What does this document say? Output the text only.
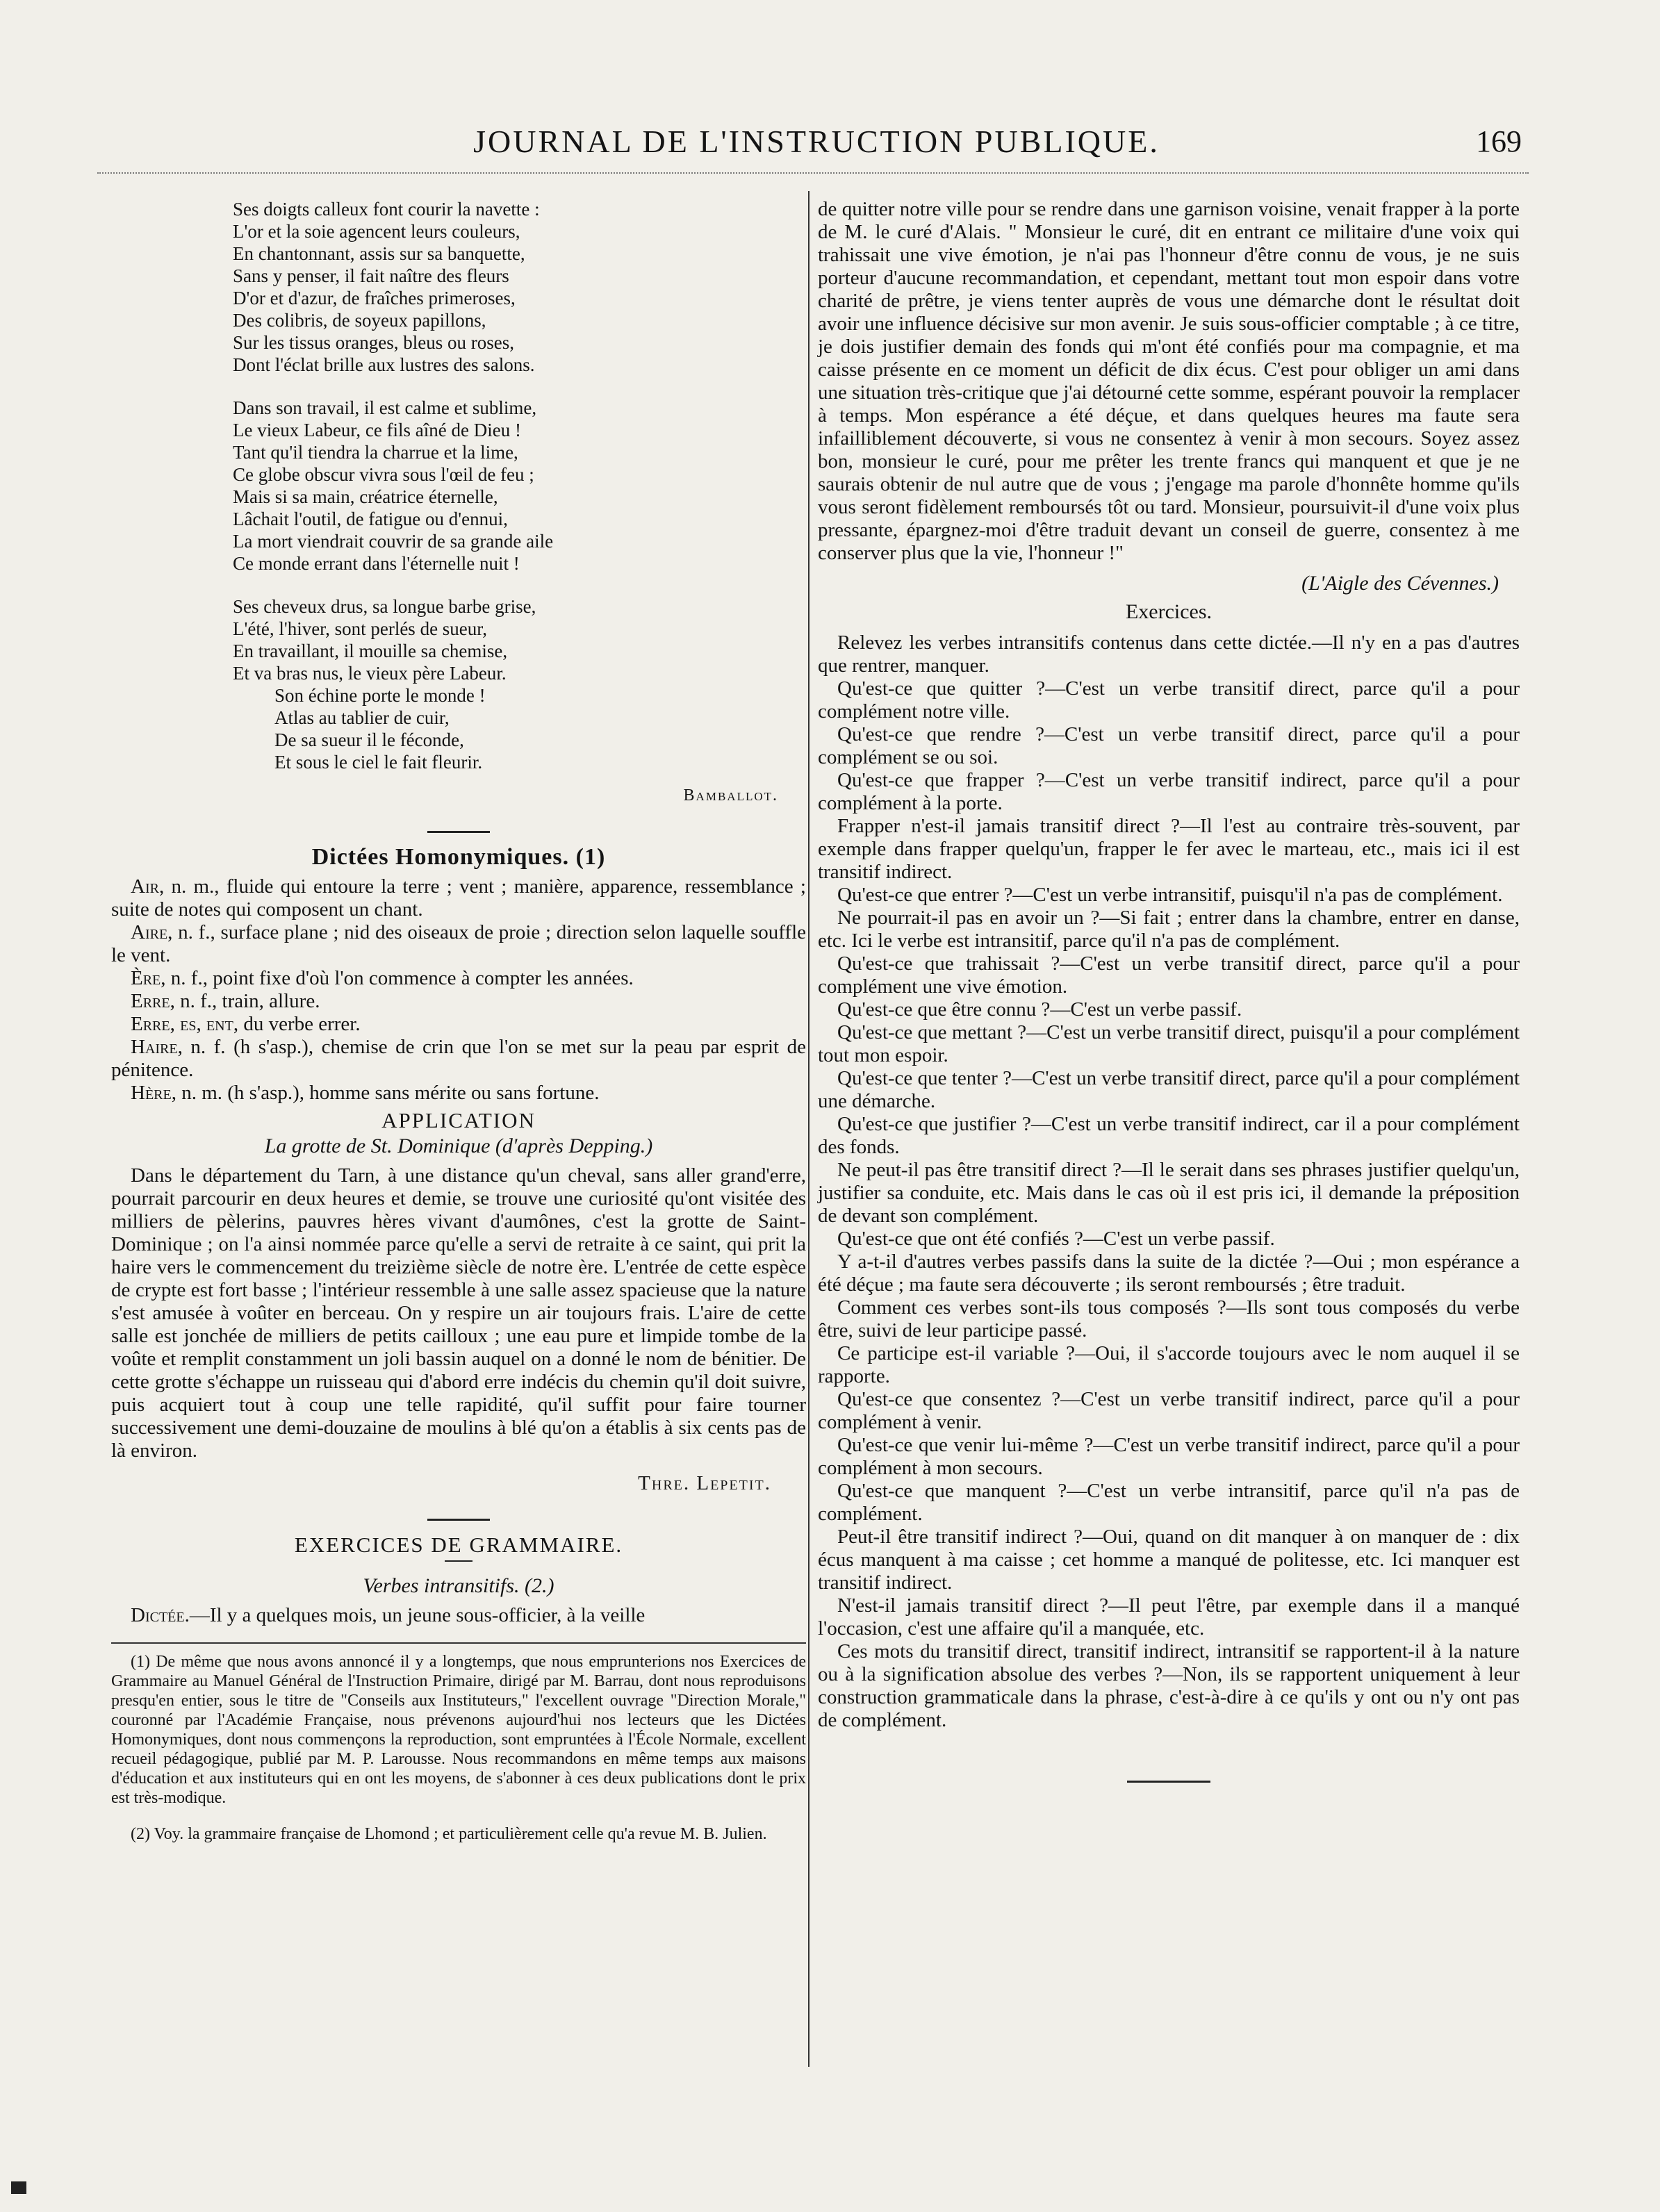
JOURNAL DE L'INSTRUCTION PUBLIQUE.	169
Ses doigts calleux font courir la navette :
L'or et la soie agencent leurs couleurs,
En chantonnant, assis sur sa banquette,
Sans y penser, il fait naître des fleurs
D'or et d'azur, de fraîches primeroses,
Des colibris, de soyeux papillons,
Sur les tissus oranges, bleus ou roses,
Dont l'éclat brille aux lustres des salons.
Dans son travail, il est calme et sublime,
Le vieux Labeur, ce fils aîné de Dieu !
Tant qu'il tiendra la charrue et la lime,
Ce globe obscur vivra sous l'œil de feu ;
Mais si sa main, créatrice éternelle,
Lâchait l'outil, de fatigue ou d'ennui,
La mort viendrait couvrir de sa grande aile
Ce monde errant dans l'éternelle nuit !
Ses cheveux drus, sa longue barbe grise,
L'été, l'hiver, sont perlés de sueur,
En travaillant, il mouille sa chemise,
Et va bras nus, le vieux père Labeur.
Son échine porte le monde !
Atlas au tablier de cuir,
De sa sueur il le féconde,
Et sous le ciel le fait fleurir.
Bamballot.
Dictées Homonymiques. (1)

Air, n. m., fluide qui entoure la terre ; vent ; manière, apparence, ressemblance ; suite de notes qui composent un chant.

Aire, n. f., surface plane ; nid des oiseaux de proie ; direction selon laquelle souffle le vent.

Ère, n. f., point fixe d'où l'on commence à compter les années.

Erre, n. f., train, allure.

Erre, es, ent, du verbe errer.

Haire, n. f. (h s'asp.), chemise de crin que l'on se met sur la peau par esprit de pénitence.

Hère, n. m. (h s'asp.), homme sans mérite ou sans fortune.

APPLICATION
La grotte de St. Dominique (d'après Depping.)

Dans le département du Tarn, à une distance qu'un cheval, sans aller grand'erre, pourrait parcourir en deux heures et demie, se trouve une curiosité qu'ont visitée des milliers de pèlerins, pauvres hères vivant d'aumônes, c'est la grotte de Saint-Dominique ; on l'a ainsi nommée parce qu'elle a servi de retraite à ce saint, qui prit la haire vers le commencement du treizième siècle de notre ère. L'entrée de cette espèce de crypte est fort basse ; l'intérieur ressemble à une salle assez spacieuse que la nature s'est amusée à voûter en berceau. On y respire un air toujours frais. L'aire de cette salle est jonchée de milliers de petits cailloux ; une eau pure et limpide tombe de la voûte et remplit constamment un joli bassin auquel on a donné le nom de bénitier. De cette grotte s'échappe un ruisseau qui d'abord erre indécis du chemin qu'il doit suivre, puis acquiert tout à coup une telle rapidité, qu'il suffit pour faire tourner successivement une demi-douzaine de moulins à blé qu'on a établis à six cents pas de là environ.

Thre. Lepetit.
EXERCICES DE GRAMMAIRE.
Verbes intransitifs. (2.)

Dictée.—Il y a quelques mois, un jeune sous-officier, à la veille

(1) De même que nous avons annoncé il y a longtemps, que nous emprunterions nos Exercices de Grammaire au Manuel Général de l'Instruction Primaire, dirigé par M. Barrau, dont nous reproduisons presqu'en entier, sous le titre de "Conseils aux Instituteurs," l'excellent ouvrage "Direction Morale," couronné par l'Académie Française, nous prévenons aujourd'hui nos lecteurs que les Dictées Homonymiques, dont nous commençons la reproduction, sont empruntées à l'École Normale, excellent recueil pédagogique, publié par M. P. Larousse. Nous recommandons en même temps aux maisons d'éducation et aux instituteurs qui en ont les moyens, de s'abonner à ces deux publications dont le prix est très-modique.

(2) Voy. la grammaire française de Lhomond ; et particulièrement celle qu'a revue M. B. Julien.

de quitter notre ville pour se rendre dans une garnison voisine, venait frapper à la porte de M. le curé d'Alais. " Monsieur le curé, dit en entrant ce militaire d'une voix qui trahissait une vive émotion, je n'ai pas l'honneur d'être connu de vous, je ne suis porteur d'aucune recommandation, et cependant, mettant tout mon espoir dans votre charité de prêtre, je viens tenter auprès de vous une démarche dont le résultat doit avoir une influence décisive sur mon avenir. Je suis sous-officier comptable ; à ce titre, je dois justifier demain des fonds qui m'ont été confiés pour ma compagnie, et ma caisse présente en ce moment un déficit de dix écus. C'est pour obliger un ami dans une situation très-critique que j'ai détourné cette somme, espérant pouvoir la remplacer à temps. Mon espérance a été déçue, et dans quelques heures ma faute sera infailliblement découverte, si vous ne consentez à venir à mon secours. Soyez assez bon, monsieur le curé, pour me prêter les trente francs qui manquent et que je ne saurais obtenir de nul autre que de vous ; j'engage ma parole d'honnête homme qu'ils vous seront fidèlement remboursés tôt ou tard. Monsieur, poursuivit-il d'une voix plus pressante, épargnez-moi d'être traduit devant un conseil de guerre, consentez à me conserver plus que la vie, l'honneur !"

(L'Aigle des Cévennes.)
Exercices.

Relevez les verbes intransitifs contenus dans cette dictée.—Il n'y en a pas d'autres que rentrer, manquer.

Qu'est-ce que quitter ?—C'est un verbe transitif direct, parce qu'il a pour complément notre ville.

Qu'est-ce que rendre ?—C'est un verbe transitif direct, parce qu'il a pour complément se ou soi.

Qu'est-ce que frapper ?—C'est un verbe transitif indirect, parce qu'il a pour complément à la porte.

Frapper n'est-il jamais transitif direct ?—Il l'est au contraire très-souvent, par exemple dans frapper quelqu'un, frapper le fer avec le marteau, etc., mais ici il est transitif indirect.

Qu'est-ce que entrer ?—C'est un verbe intransitif, puisqu'il n'a pas de complément.

Ne pourrait-il pas en avoir un ?—Si fait ; entrer dans la chambre, entrer en danse, etc. Ici le verbe est intransitif, parce qu'il n'a pas de complément.

Qu'est-ce que trahissait ?—C'est un verbe transitif direct, parce qu'il a pour complément une vive émotion.

Qu'est-ce que être connu ?—C'est un verbe passif.

Qu'est-ce que mettant ?—C'est un verbe transitif direct, puisqu'il a pour complément tout mon espoir.

Qu'est-ce que tenter ?—C'est un verbe transitif direct, parce qu'il a pour complément une démarche.

Qu'est-ce que justifier ?—C'est un verbe transitif indirect, car il a pour complément des fonds.

Ne peut-il pas être transitif direct ?—Il le serait dans ses phrases justifier quelqu'un, justifier sa conduite, etc. Mais dans le cas où il est pris ici, il demande la préposition de devant son complément.

Qu'est-ce que ont été confiés ?—C'est un verbe passif.

Y a-t-il d'autres verbes passifs dans la suite de la dictée ?—Oui ; mon espérance a été déçue ; ma faute sera découverte ; ils seront remboursés ; être traduit.

Comment ces verbes sont-ils tous composés ?—Ils sont tous composés du verbe être, suivi de leur participe passé.

Ce participe est-il variable ?—Oui, il s'accorde toujours avec le nom auquel il se rapporte.

Qu'est-ce que consentez ?—C'est un verbe transitif indirect, parce qu'il a pour complément à venir.

Qu'est-ce que venir lui-même ?—C'est un verbe transitif indirect, parce qu'il a pour complément à mon secours.

Qu'est-ce que manquent ?—C'est un verbe intransitif, parce qu'il n'a pas de complément.

Peut-il être transitif indirect ?—Oui, quand on dit manquer à on manquer de : dix écus manquent à ma caisse ; cet homme a manqué de politesse, etc. Ici manquer est transitif indirect.

N'est-il jamais transitif direct ?—Il peut l'être, par exemple dans il a manqué l'occasion, c'est une affaire qu'il a manquée, etc.

Ces mots du transitif direct, transitif indirect, intransitif se rapportent-il à la nature ou à la signification absolue des verbes ?—Non, ils se rapportent uniquement à leur construction grammaticale dans la phrase, c'est-à-dire à ce qu'ils y ont ou n'y ont pas de complément.
